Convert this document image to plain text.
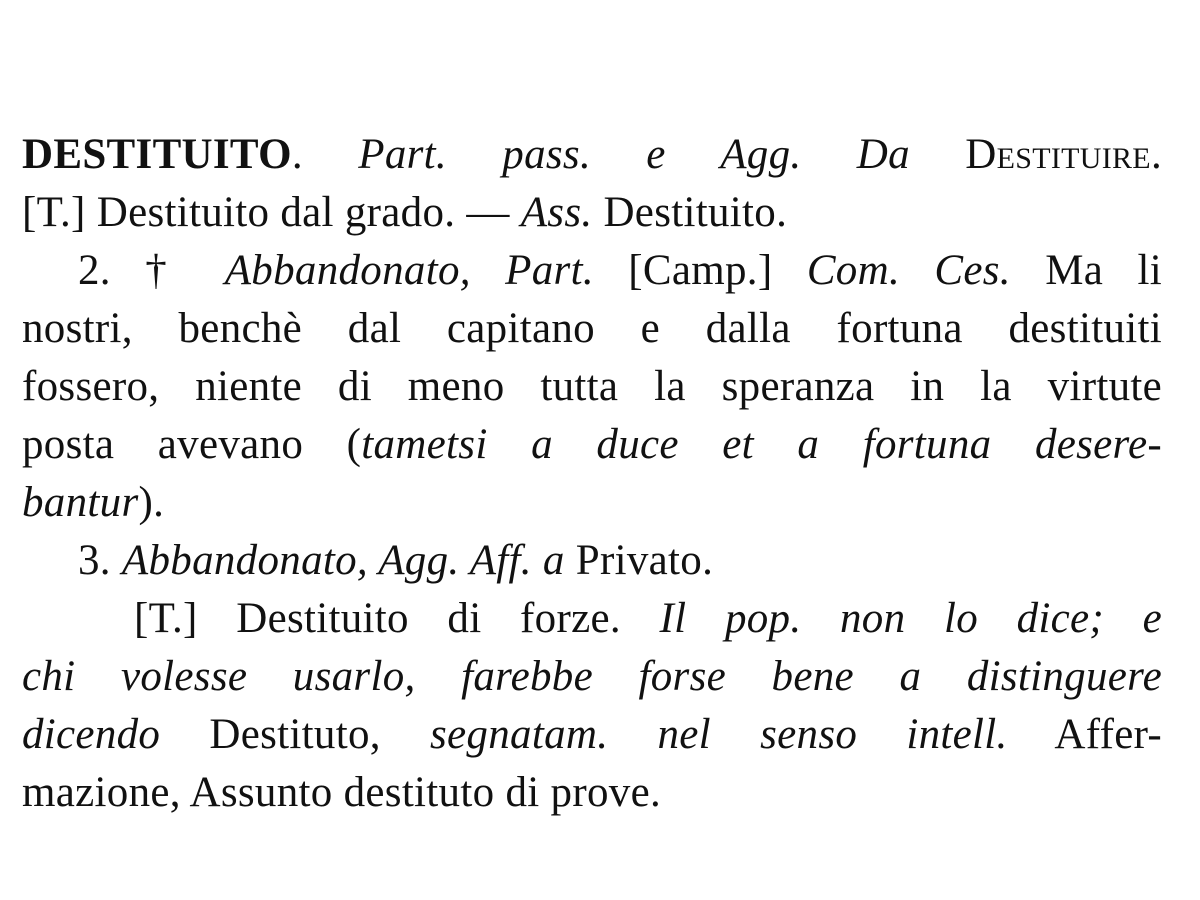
DESTITUITO. Part. pass. e Agg. Da Destituire.
[T.] Destituito dal grado. — Ass. Destituito.
2. † Abbandonato, Part. [Camp.] Com. Ces. Ma li
nostri, benchè dal capitano e dalla fortuna destituiti
fossero, niente di meno tutta la speranza in la virtute
posta avevano (tametsi a duce et a fortuna desere-
bantur).
3. Abbandonato, Agg. Aff. a Privato.
[T.] Destituito di forze. Il pop. non lo dice; e
chi volesse usarlo, farebbe forse bene a distinguere
dicendo Destituto, segnatam. nel senso intell. Affer-
mazione, Assunto destituto di prove.
